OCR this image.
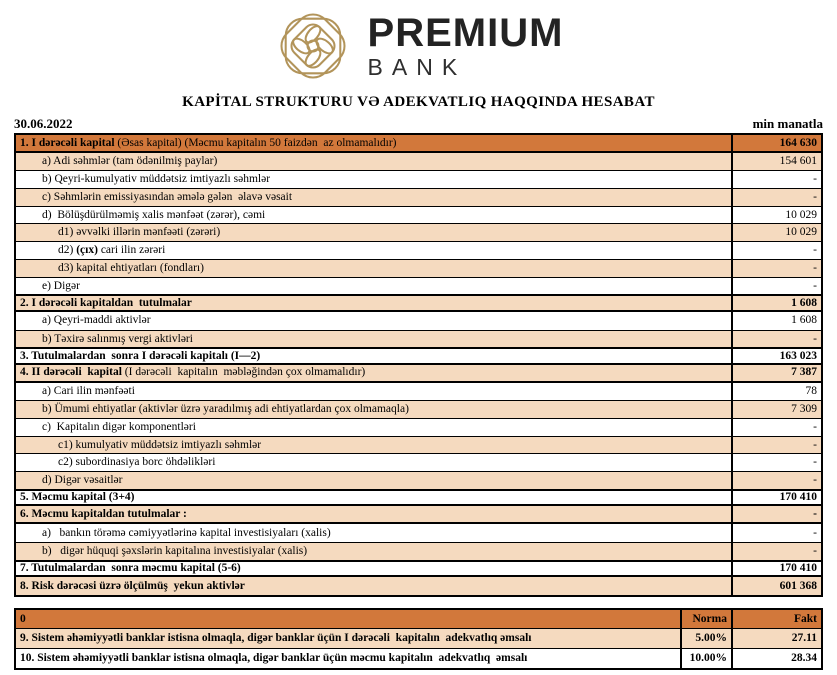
PREMIUM
BANK
KAPİTAL STRUKTURU VƏ ADEKVATLIQ HAQQINDA HESABAT
30.06.2022	min manatla
1. I dərəcəli kapital (Əsas kapital) (Məcmu kapitalın 50 faizdən  az olmamalıdır)	164 630
a) Adi səhmlər (tam ödənilmiş paylar)	154 601
b) Qeyri-kumulyativ müddətsiz imtiyazlı səhmlər	-
c) Səhmlərin emissiyasından əmələ gələn  əlavə vəsait	-
d)  Bölüşdürülməmiş xalis mənfəət (zərər), cəmi	10 029
d1) əvvəlki illərin mənfəəti (zərəri)	10 029
d2) (çıx) cari ilin zərəri	-
d3) kapital ehtiyatları (fondları)	-
e) Digər	-
2. I dərəcəli kapitaldan  tutulmalar	1 608
a) Qeyri-maddi aktivlər	1 608
b) Təxirə salınmış vergi aktivləri	-
3. Tutulmalardan  sonra I dərəcəli kapitalı (I—2)	163 023
4. II dərəcəli  kapital (I dərəcəli  kapitalın  məbləğindən çox olmamalıdır)	7 387
a) Cari ilin mənfəəti	78
b) Ümumi ehtiyatlar (aktivlər üzrə yaradılmış adi ehtiyatlardan çox olmamaqla)	7 309
c)  Kapitalın digər komponentləri	-
c1) kumulyativ müddətsiz imtiyazlı səhmlər	-
c2) subordinasiya borc öhdəlikləri	-
d) Digər vəsaitlər	-
5. Məcmu kapital (3+4)	170 410
6. Məcmu kapitaldan tutulmalar :	-
a)   bankın törəmə cəmiyyətlərinə kapital investisiyaları (xalis)	-
b)   digər hüquqi şəxslərin kapitalına investisiyalar (xalis)	-
7. Tutulmalardan  sonra məcmu kapital (5-6)	170 410
8. Risk dərəcəsi üzrə ölçülmüş  yekun aktivlər	601 368
0	Norma	Fakt
9. Sistem əhəmiyyətli banklar istisna olmaqla, digər banklar üçün I dərəcəli  kapitalın  adekvatlıq əmsalı	5.00%	27.11
10. Sistem əhəmiyyətli banklar istisna olmaqla, digər banklar üçün məcmu kapitalın  adekvatlıq  əmsalı	10.00%	28.34
